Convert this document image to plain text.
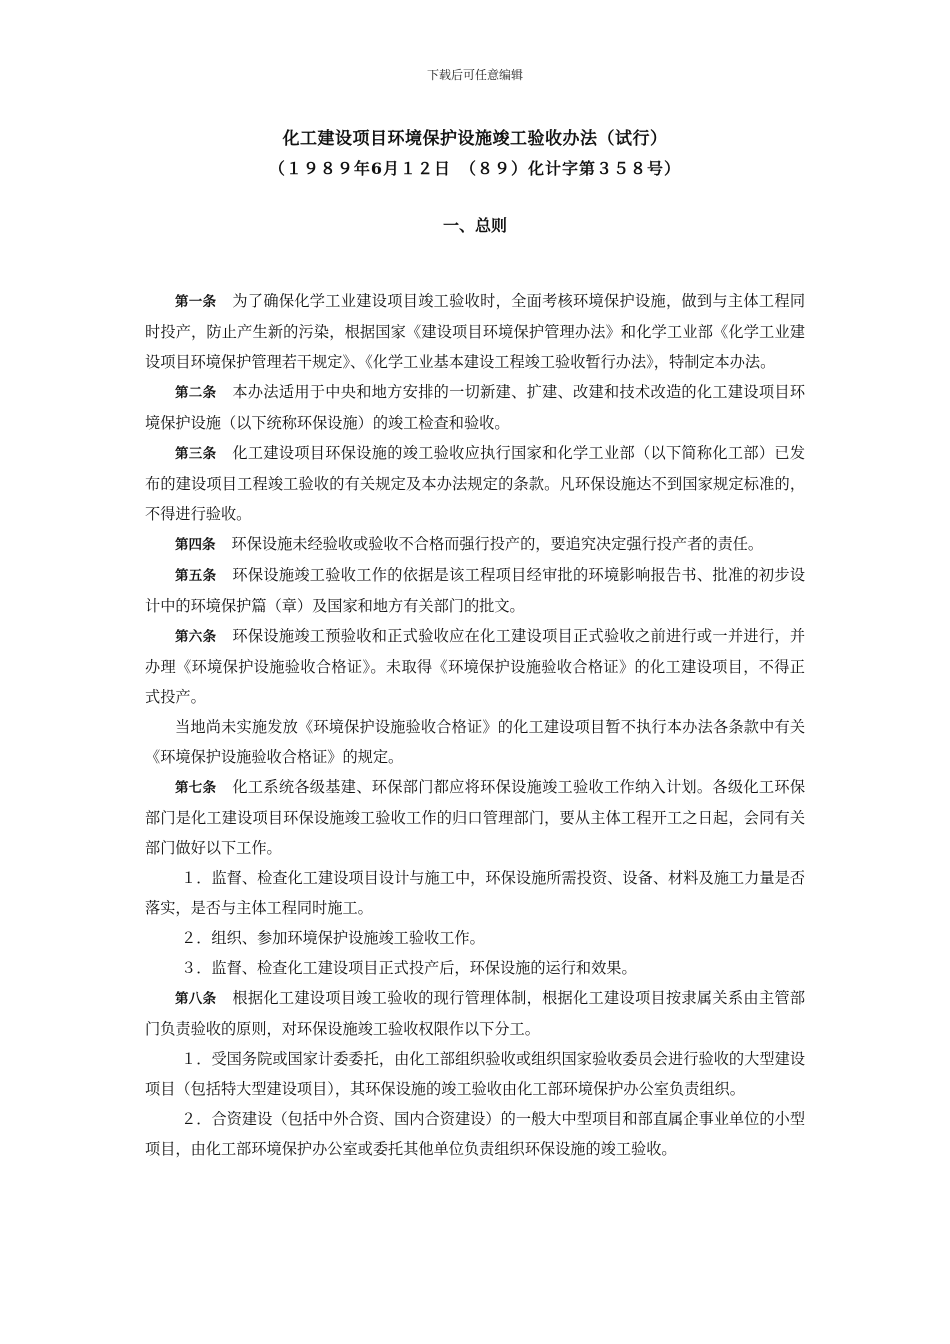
下载后可任意编辑
化工建设项目环境保护设施竣工验收办法（试行）
（１９８９年6月１２日　（８９）化计字第３５８号）
一、总则

第一条 为了确保化学工业建设项目竣工验收时，全面考核环境保护设施，做到与主体工程同时投产，防止产生新的污染，根据国家《建设项目环境保护管理办法》和化学工业部《化学工业建设项目环境保护管理若干规定》、《化学工业基本建设工程竣工验收暂行办法》，特制定本办法。

第二条 本办法适用于中央和地方安排的一切新建、扩建、改建和技术改造的化工建设项目环境保护设施（以下统称环保设施）的竣工检查和验收。

第三条 化工建设项目环保设施的竣工验收应执行国家和化学工业部（以下简称化工部）已发布的建设项目工程竣工验收的有关规定及本办法规定的条款。凡环保设施达不到国家规定标准的，不得进行验收。

第四条 环保设施未经验收或验收不合格而强行投产的，要追究决定强行投产者的责任。

第五条 环保设施竣工验收工作的依据是该工程项目经审批的环境影响报告书、批准的初步设计中的环境保护篇（章）及国家和地方有关部门的批文。

第六条 环保设施竣工预验收和正式验收应在化工建设项目正式验收之前进行或一并进行，并办理《环境保护设施验收合格证》。未取得《环境保护设施验收合格证》的化工建设项目，不得正式投产。

当地尚未实施发放《环境保护设施验收合格证》的化工建设项目暂不执行本办法各条款中有关《环境保护设施验收合格证》的规定。

第七条 化工系统各级基建、环保部门都应将环保设施竣工验收工作纳入计划。各级化工环保部门是化工建设项目环保设施竣工验收工作的归口管理部门，要从主体工程开工之日起，会同有关部门做好以下工作。

１．监督、检查化工建设项目设计与施工中，环保设施所需投资、设备、材料及施工力量是否落实，是否与主体工程同时施工。

２．组织、参加环境保护设施竣工验收工作。

３．监督、检查化工建设项目正式投产后，环保设施的运行和效果。

第八条 根据化工建设项目竣工验收的现行管理体制，根据化工建设项目按隶属关系由主管部门负责验收的原则，对环保设施竣工验收权限作以下分工。

１．受国务院或国家计委委托，由化工部组织验收或组织国家验收委员会进行验收的大型建设项目（包括特大型建设项目），其环保设施的竣工验收由化工部环境保护办公室负责组织。

２．合资建设（包括中外合资、国内合资建设）的一般大中型项目和部直属企事业单位的小型项目，由化工部环境保护办公室或委托其他单位负责组织环保设施的竣工验收。
